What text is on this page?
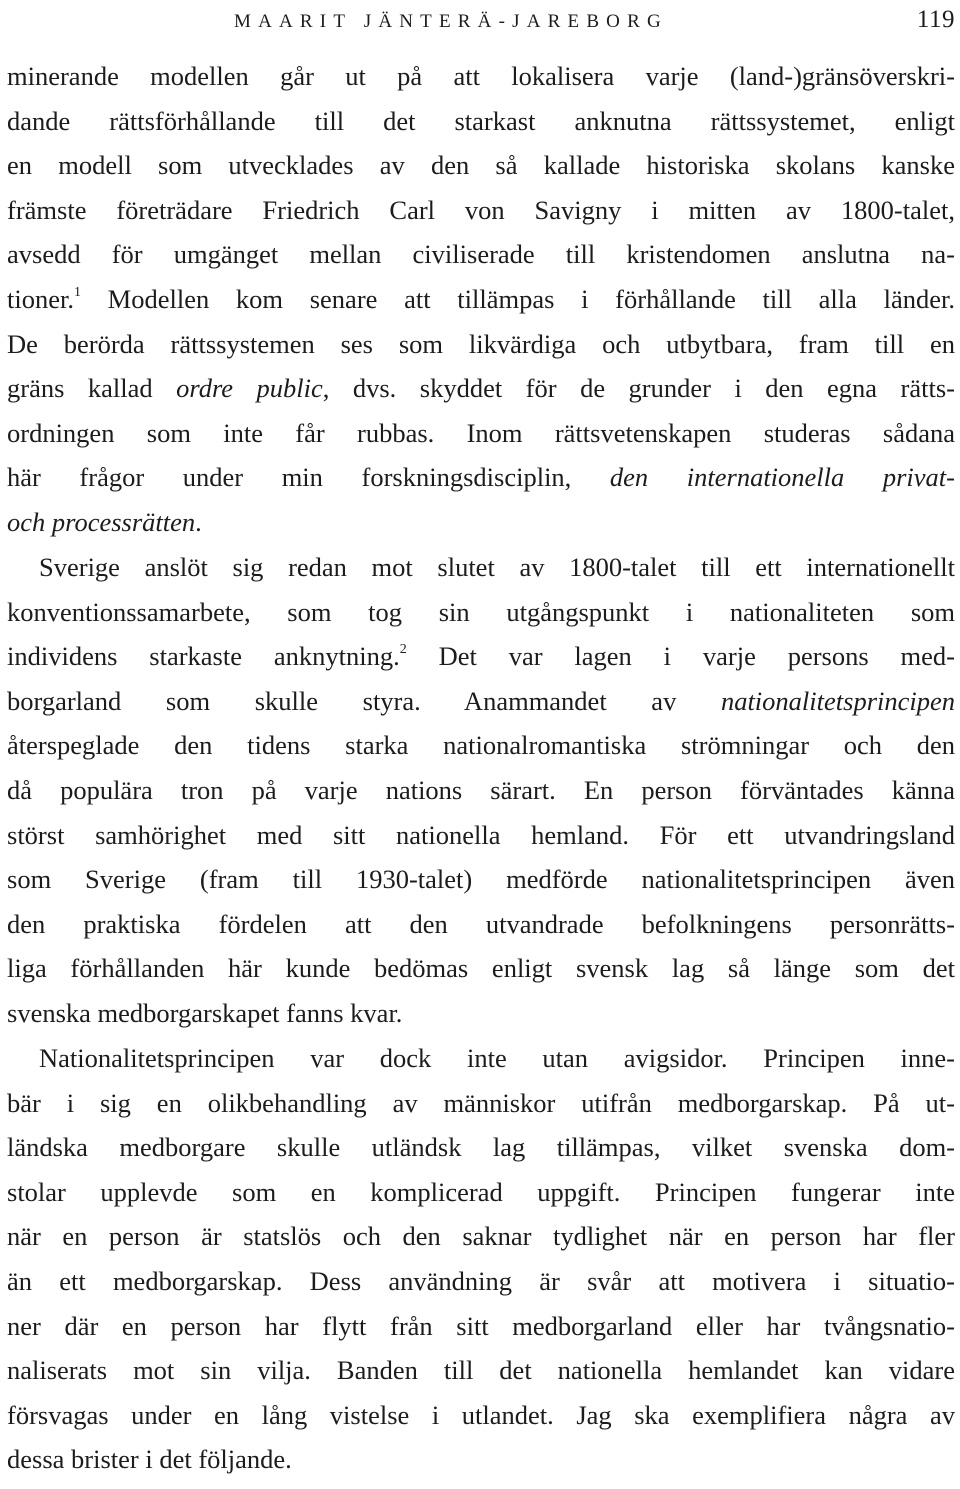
MAARIT JÄNTERÄ-JAREBORG	119
minerande modellen går ut på att lokalisera varje (land-)gränsöverskri-
dande rättsförhållande till det starkast anknutna rättssystemet, enligt
en modell som utvecklades av den så kallade historiska skolans kanske
främste företrädare Friedrich Carl von Savigny i mitten av 1800-talet,
avsedd för umgänget mellan civiliserade till kristendomen anslutna na-
tioner.$^1$ Modellen kom senare att tillämpas i förhållande till alla länder.
De berörda rättssystemen ses som likvärdiga och utbytbara, fram till en
gräns kallad ordre public, dvs. skyddet för de grunder i den egna rätts-
ordningen som inte får rubbas. Inom rättsvetenskapen studeras sådana
här frågor under min forskningsdisciplin, den internationella privat-
och processrätten.
Sverige anslöt sig redan mot slutet av 1800-talet till ett internationellt
konventionssamarbete, som tog sin utgångspunkt i nationaliteten som
individens starkaste anknytning.$^2$ Det var lagen i varje persons med-
borgarland som skulle styra. Anammandet av nationalitetsprincipen
återspeglade den tidens starka nationalromantiska strömningar och den
då populära tron på varje nations särart. En person förväntades känna
störst samhörighet med sitt nationella hemland. För ett utvandringsland
som Sverige (fram till 1930-talet) medförde nationalitetsprincipen även
den praktiska fördelen att den utvandrade befolkningens personrätts-
liga förhållanden här kunde bedömas enligt svensk lag så länge som det
svenska medborgarskapet fanns kvar.
Nationalitetsprincipen var dock inte utan avigsidor. Principen inne-
bär i sig en olikbehandling av människor utifrån medborgarskap. På ut-
ländska medborgare skulle utländsk lag tillämpas, vilket svenska dom-
stolar upplevde som en komplicerad uppgift. Principen fungerar inte
när en person är statslös och den saknar tydlighet när en person har fler
än ett medborgarskap. Dess användning är svår att motivera i situatio-
ner där en person har flytt från sitt medborgarland eller har tvångsnatio-
naliserats mot sin vilja. Banden till det nationella hemlandet kan vidare
försvagas under en lång vistelse i utlandet. Jag ska exemplifiera några av
dessa brister i det följande.
